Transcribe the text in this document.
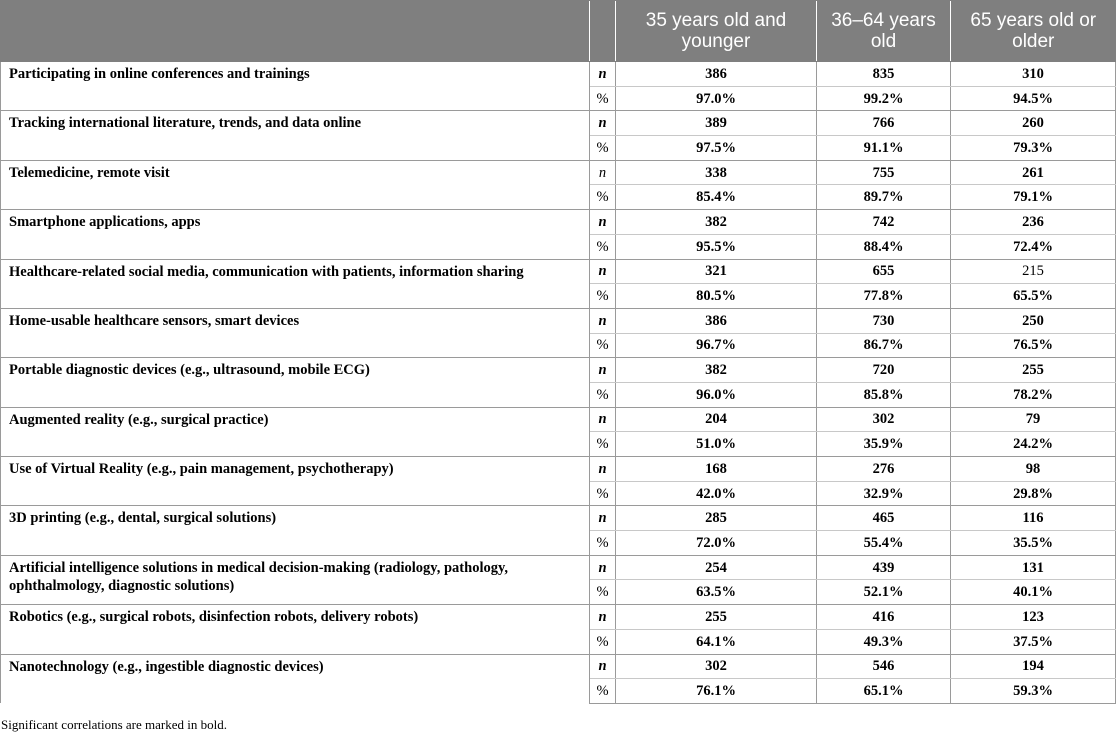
		35 years old and younger	36–64 years old	65 years old or older
Participating in online conferences and trainings	n	386	835	310
	%	97.0%	99.2%	94.5%
Tracking international literature, trends, and data online	n	389	766	260
	%	97.5%	91.1%	79.3%
Telemedicine, remote visit	n	338	755	261
	%	85.4%	89.7%	79.1%
Smartphone applications, apps	n	382	742	236
	%	95.5%	88.4%	72.4%
Healthcare-related social media, communication with patients, information sharing	n	321	655	215
	%	80.5%	77.8%	65.5%
Home-usable healthcare sensors, smart devices	n	386	730	250
	%	96.7%	86.7%	76.5%
Portable diagnostic devices (e.g., ultrasound, mobile ECG)	n	382	720	255
	%	96.0%	85.8%	78.2%
Augmented reality (e.g., surgical practice)	n	204	302	79
	%	51.0%	35.9%	24.2%
Use of Virtual Reality (e.g., pain management, psychotherapy)	n	168	276	98
	%	42.0%	32.9%	29.8%
3D printing (e.g., dental, surgical solutions)	n	285	465	116
	%	72.0%	55.4%	35.5%
Artificial intelligence solutions in medical decision-making (radiology, pathology, ophthalmology, diagnostic solutions)	n	254	439	131
	%	63.5%	52.1%	40.1%
Robotics (e.g., surgical robots, disinfection robots, delivery robots)	n	255	416	123
	%	64.1%	49.3%	37.5%
Nanotechnology (e.g., ingestible diagnostic devices)	n	302	546	194
	%	76.1%	65.1%	59.3%
Significant correlations are marked in bold.
